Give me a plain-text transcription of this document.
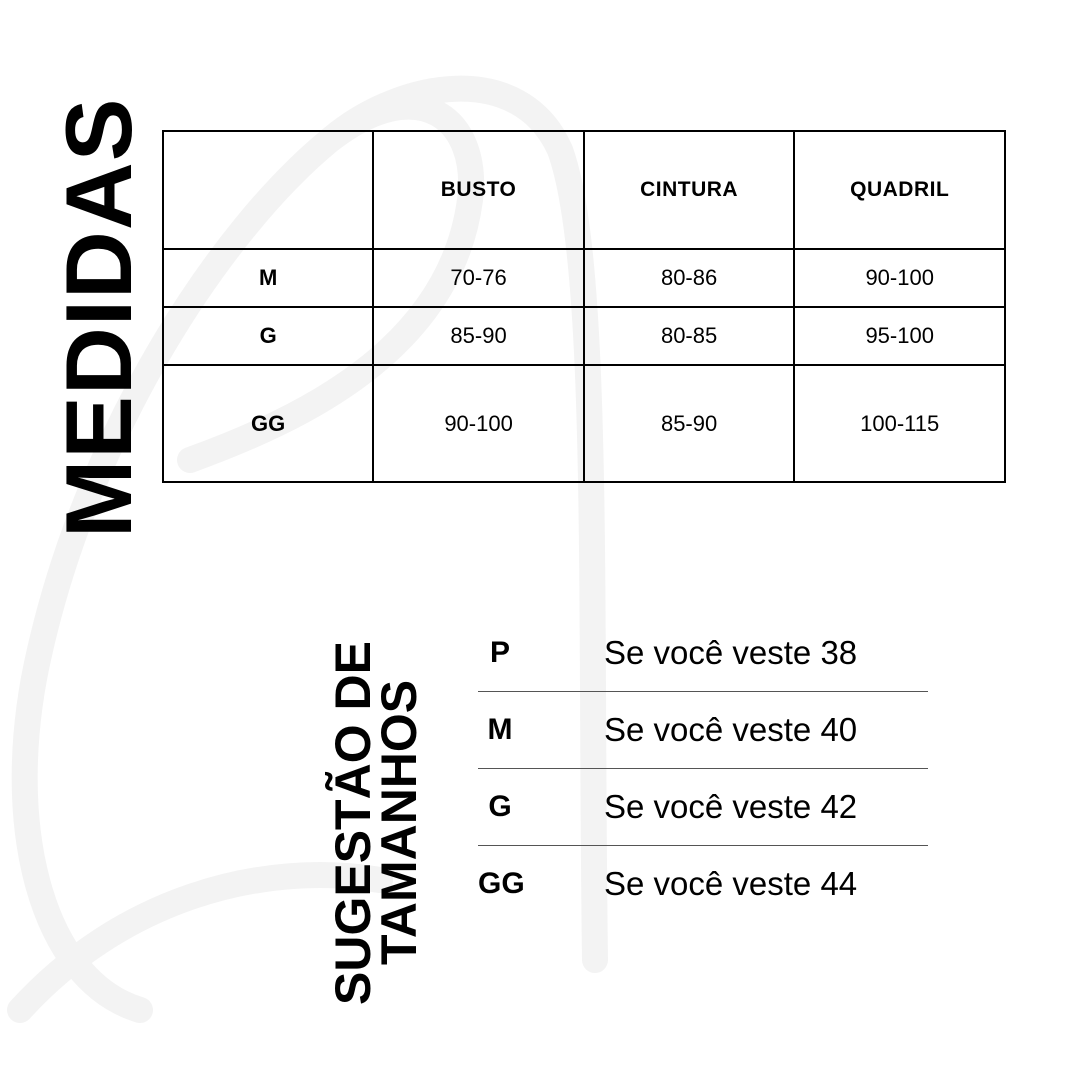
MEDIDAS
		BUSTO	CINTURA	QUADRIL
M	70-76	80-86	90-100
G	85-90	80-85	95-100
GG	90-100	85-90	100-115
SUGESTÃO DE
TAMANHOS
P	Se você veste 38
M	Se você veste 40
G	Se você veste 42
GG Se você veste 44
